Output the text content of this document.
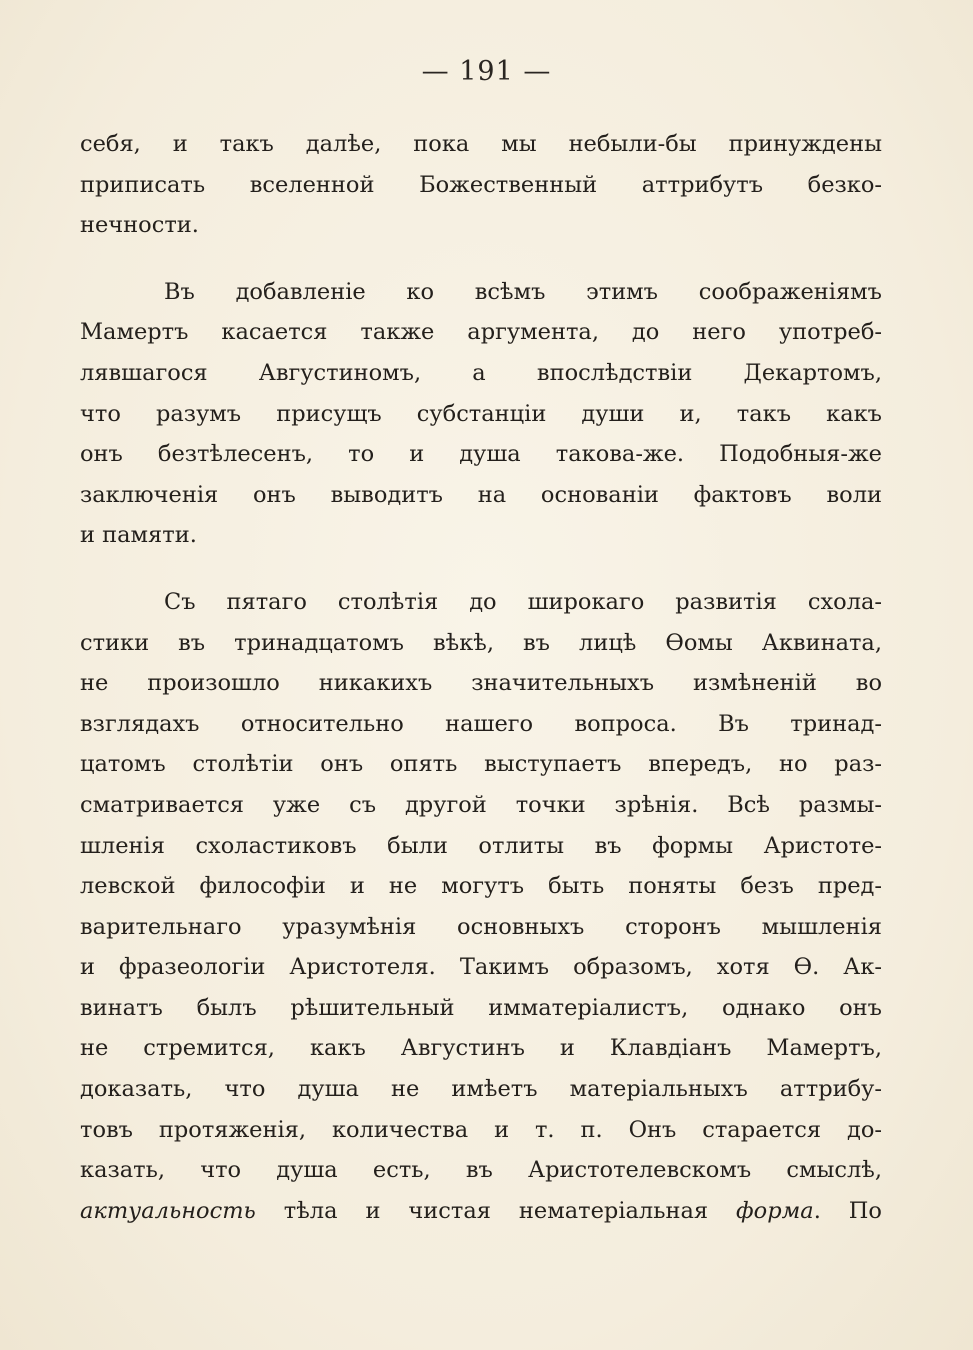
— 191 —
себя, и такъ далѣе, пока мы небыли-бы принуждены
приписать вселенной Божественный аттрибутъ безко-
нечности.
Въ добавленіе ко всѣмъ этимъ соображеніямъ
Мамертъ касается также аргумента, до него употреб-
лявшагося Августиномъ, а впослѣдствіи Декартомъ,
что разумъ присущъ субстанціи души и, такъ какъ
онъ безтѣлесенъ, то и душа такова-же. Подобныя-же
заключенія онъ выводитъ на основаніи фактовъ воли
и памяти.
Съ пятаго столѣтія до широкаго развитія схола-
стики въ тринадцатомъ вѣкѣ, въ лицѣ Ѳомы Аквината,
не произошло никакихъ значительныхъ измѣненій во
взглядахъ относительно нашего вопроса. Въ тринад-
цатомъ столѣтіи онъ опять выступаетъ впередъ, но раз-
сматривается уже съ другой точки зрѣнія. Всѣ размы-
шленія схоластиковъ были отлиты въ формы Аристоте-
левской философіи и не могутъ быть поняты безъ пред-
варительнаго уразумѣнія основныхъ сторонъ мышленія
и фразеологіи Аристотеля. Такимъ образомъ, хотя Ѳ. Ак-
винатъ былъ рѣшительный имматеріалистъ, однако онъ
не стремится, какъ Августинъ и Клавдіанъ Мамертъ,
доказать, что душа не имѣетъ матеріальныхъ аттрибу-
товъ протяженія, количества и т. п. Онъ старается до-
казать, что душа есть, въ Аристотелевскомъ смыслѣ,
актуальность тѣла и чистая нематеріальная форма. По
